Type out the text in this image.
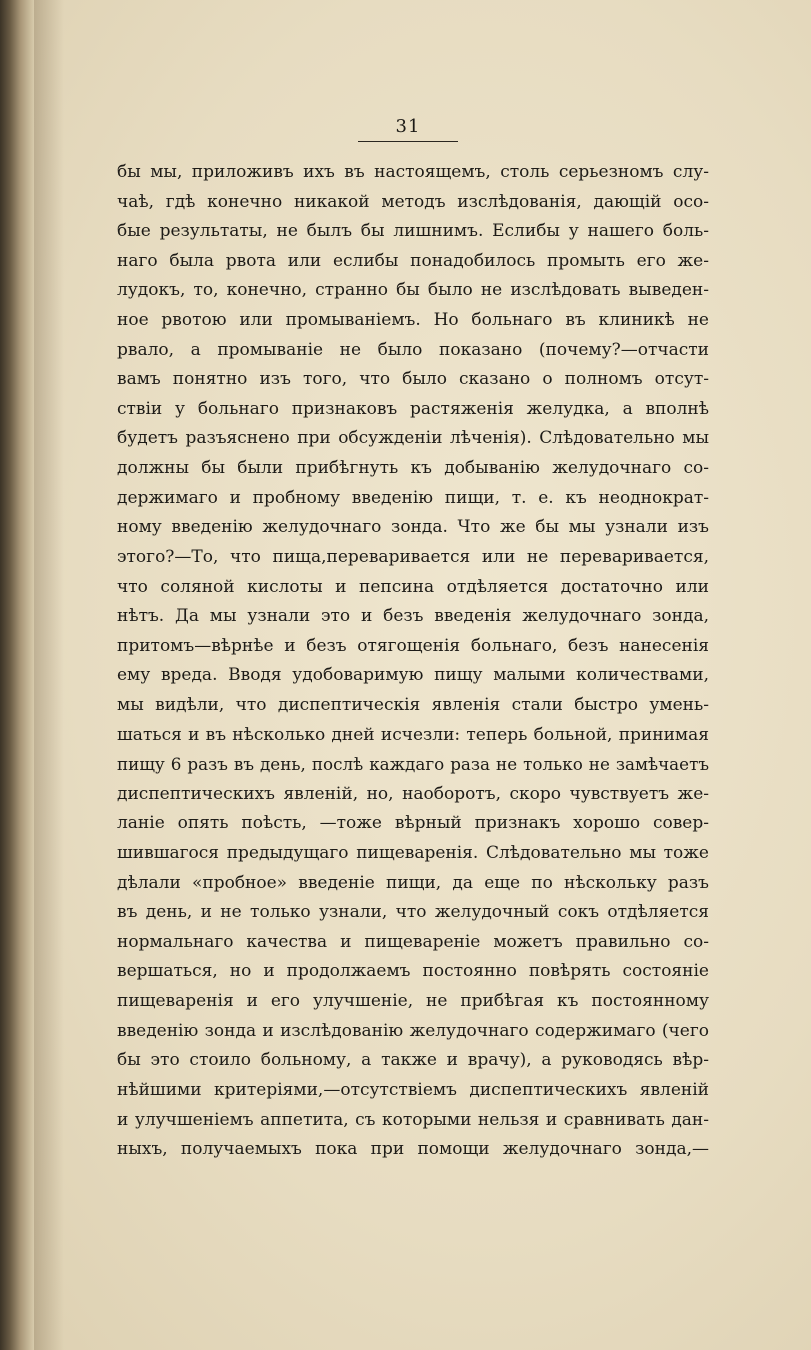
31
бы мы, приложивъ ихъ въ настоящемъ, столь серьезномъ слу-
чаѣ, гдѣ конечно никакой методъ изслѣдованія, дающій осо-
бые результаты, не былъ бы лишнимъ. Еслибы у нашего боль-
наго была рвота или еслибы понадобилось промыть его же-
лудокъ, то, конечно, странно бы было не изслѣдовать выведен-
ное рвотою или промываніемъ. Но больнаго въ клиникѣ не
рвало, а промываніе не было показано (почему?—отчасти
вамъ понятно изъ того, что было сказано о полномъ отсут-
ствіи у больнаго признаковъ растяженія желудка, а вполнѣ
будетъ разъяснено при обсужденіи лѣченія). Слѣдовательно мы
должны бы были прибѣгнуть къ добыванію желудочнаго со-
держимаго и пробному введенію пищи, т. е. къ неоднократ-
ному введенію желудочнаго зонда. Что же бы мы узнали изъ
этого?—То, что пища,переваривается или не переваривается,
что соляной кислоты и пепсина отдѣляется достаточно или
нѣтъ. Да мы узнали это и безъ введенія желудочнаго зонда,
притомъ—вѣрнѣе и безъ отягощенія больнаго, безъ нанесенія
ему вреда. Вводя удобоваримую пищу малыми количествами,
мы видѣли, что диспептическія явленія стали быстро умень-
шаться и въ нѣсколько дней исчезли: теперь больной, принимая
пищу 6 разъ въ день, послѣ каждаго раза не только не замѣчаетъ
диспептическихъ явленій, но, наоборотъ, скоро чувствуетъ же-
ланіе опять поѣсть, —тоже вѣрный признакъ хорошо совер-
шившагося предыдущаго пищеваренія. Слѣдовательно мы тоже
дѣлали «пробное» введеніе пищи, да еще по нѣскольку разъ
въ день, и не только узнали, что желудочный сокъ отдѣляется
нормальнаго качества и пищевареніе можетъ правильно со-
вершаться, но и продолжаемъ постоянно повѣрять состояніе
пищеваренія и его улучшеніе, не прибѣгая къ постоянному
введенію зонда и изслѣдованію желудочнаго содержимаго (чего
бы это стоило больному, а также и врачу), а руководясь вѣр-
нѣйшими критеріями,—отсутствіемъ диспептическихъ явленій
и улучшеніемъ аппетита, съ которыми нельзя и сравнивать дан-
ныхъ, получаемыхъ пока при помощи желудочнаго зонда,—
